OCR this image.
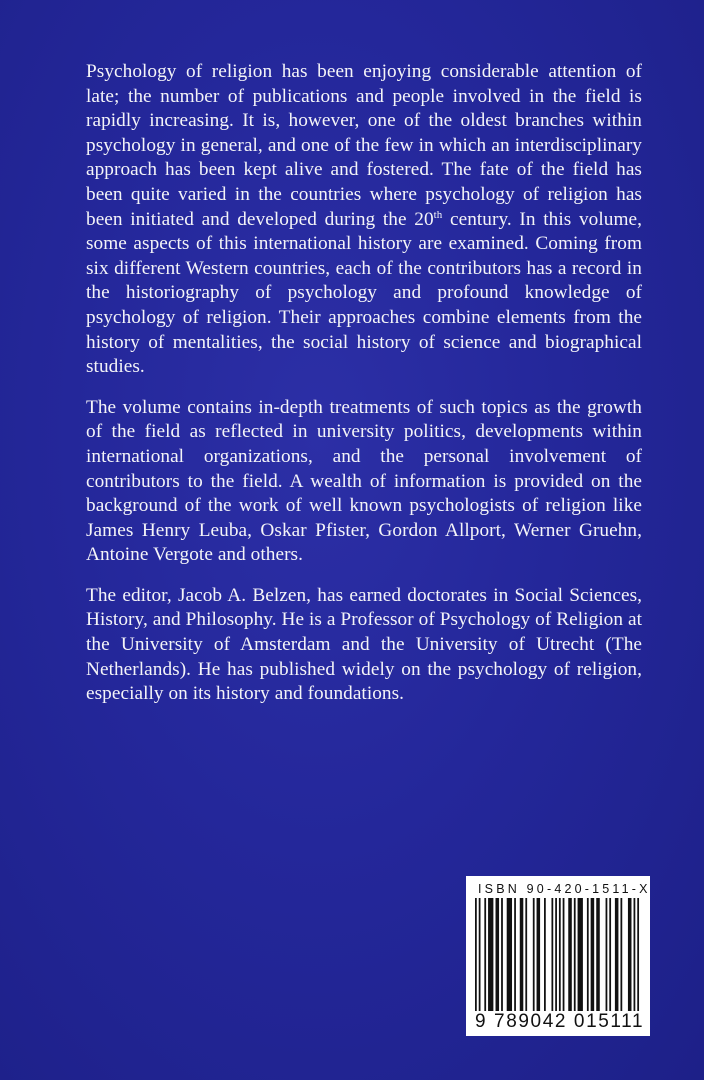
Psychology of religion has been enjoying considerable attention of late; the number of publications and people involved in the field is rapidly increasing. It is, however, one of the oldest branches within psychology in general, and one of the few in which an interdisciplinary approach has been kept alive and fostered. The fate of the field has been quite varied in the countries where psychology of religion has been initiated and developed during the 20th century. In this volume, some aspects of this international history are examined. Coming from six different Western countries, each of the contributors has a record in the historiography of psychology and profound knowledge of psychology of religion. Their approaches combine elements from the history of mentalities, the social history of science and biographical studies.

The volume contains in-depth treatments of such topics as the growth of the field as reflected in university politics, developments within international organizations, and the personal involvement of contributors to the field. A wealth of information is provided on the background of the work of well known psychologists of religion like James Henry Leuba, Oskar Pfister, Gordon Allport, Werner Gruehn, Antoine Vergote and others.

The editor, Jacob A. Belzen, has earned doctorates in Social Sciences, History, and Philosophy. He is a Professor of Psychology of Religion at the University of Amsterdam and the University of Utrecht (The Netherlands). He has published widely on the psychology of religion, especially on its history and foundations.

ISBN 90-420-1511-X
9 789042 015111
